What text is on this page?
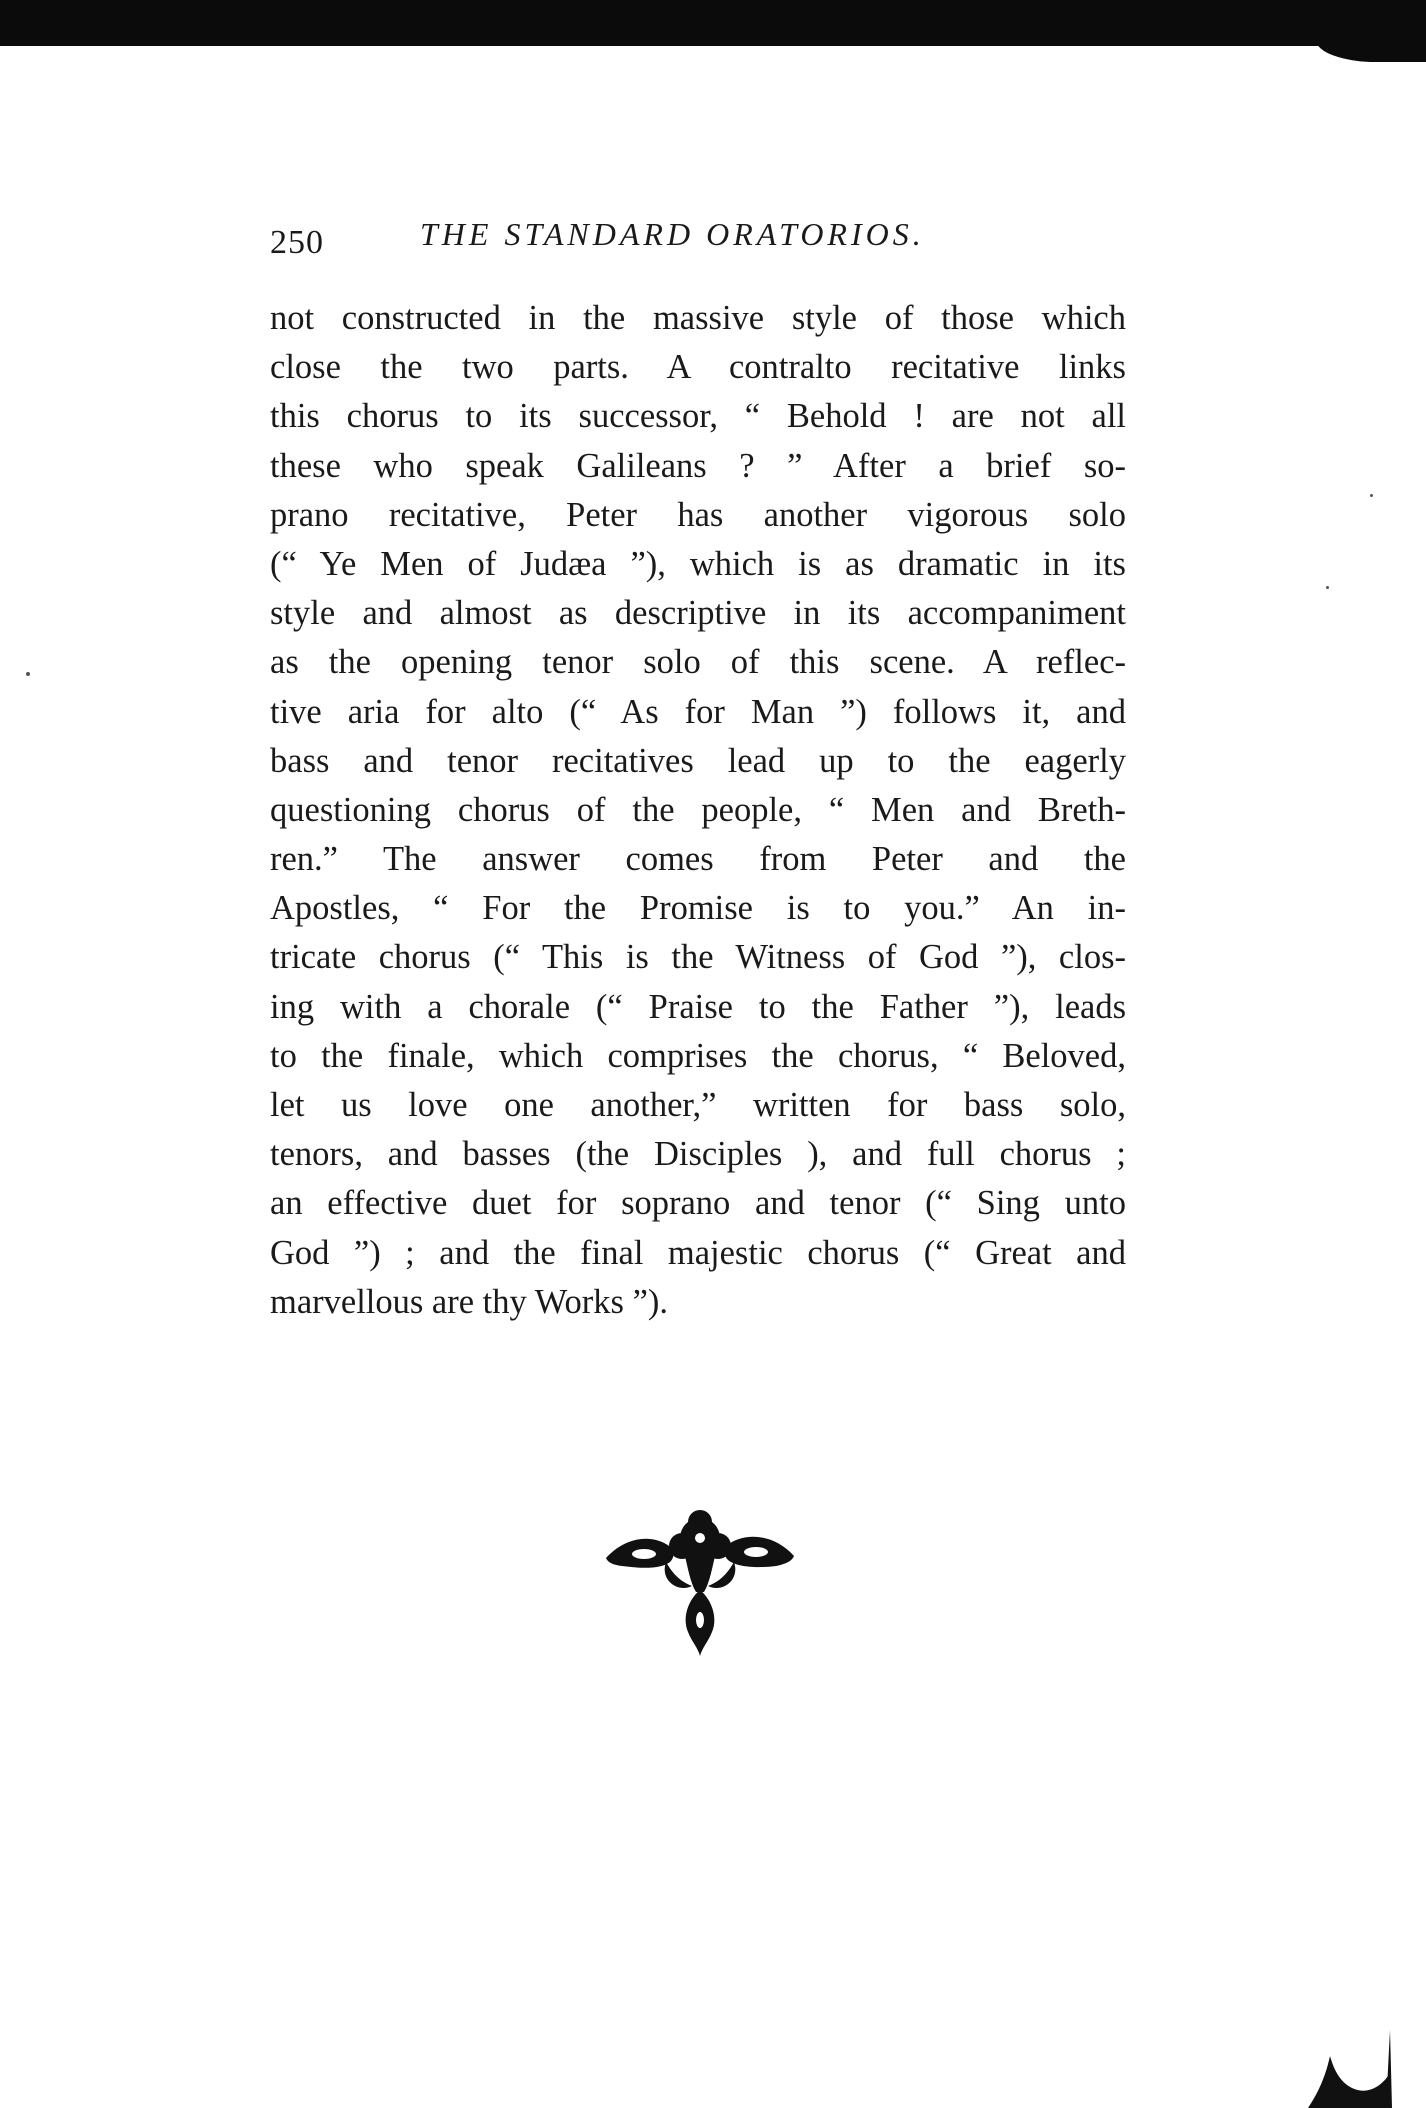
250	THE STANDARD ORATORIOS.
not constructed in the massive style of those which
close the two parts. A contralto recitative links
this chorus to its successor, “ Behold ! are not all
these who speak Galileans ? ” After a brief so-
prano recitative, Peter has another vigorous solo
(“ Ye Men of Judæa ”), which is as dramatic in its
style and almost as descriptive in its accompaniment
as the opening tenor solo of this scene. A reflec-
tive aria for alto (“ As for Man ”) follows it, and
bass and tenor recitatives lead up to the eagerly
questioning chorus of the people, “ Men and Breth-
ren.” The answer comes from Peter and the
Apostles, “ For the Promise is to you.” An in-
tricate chorus (“ This is the Witness of God ”), clos-
ing with a chorale (“ Praise to the Father ”), leads
to the finale, which comprises the chorus, “ Beloved,
let us love one another,” written for bass solo,
tenors, and basses (the Disciples ), and full chorus ;
an effective duet for soprano and tenor (“ Sing unto
God ”) ; and the final majestic chorus (“ Great and
marvellous are thy Works ”).
